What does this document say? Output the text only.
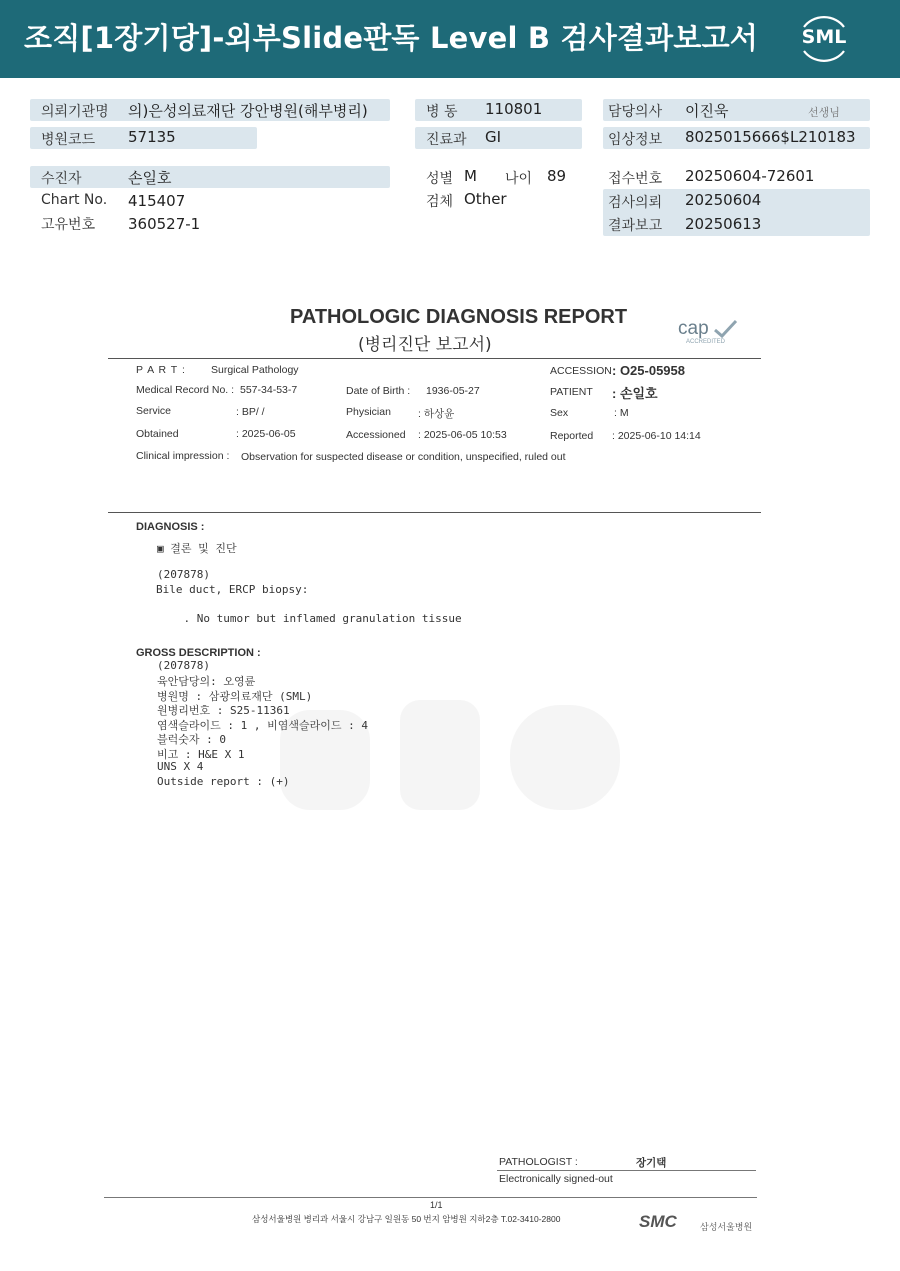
조직[1장기당]-외부Slide판독 Level B 검사결과보고서 SML
의뢰기관명 의)은성의료재단 강안병원(해부병리)
병원코드 57135
병 동 110801
진료과 GI
담당의사 이진욱	선생님
임상정보 8025015666$L210183
수진자	손일호
Chart No. 415407
고유번호 360527-1
성별 M 나이 89
검체 Other
접수번호 20250604-72601
검사의뢰 20250604
결과보고 20250613
PATHOLOGIC DIAGNOSIS REPORT
(병리진단 보고서)
cap
ACCREDITED
P A R T : Surgical Pathology	ACCESSION : O25-05958
Medical Record No. : 557-34-53-7	Date of Birth : 1936-05-27	PATIENT : 손일호
Service	: BP/ /	Physician	: 하상윤	Sex	: M
Obtained	: 2025-06-05	Accessioned : 2025-06-05 10:53	Reported : 2025-06-10 14:14
Clinical impression : Observation for suspected disease or condition, unspecified, ruled out
DIAGNOSIS :
▣ 결론 및 진단
(207878)
Bile duct, ERCP biopsy:
. No tumor but inflamed granulation tissue
GROSS DESCRIPTION :
(207878)
육안담당의: 오영륜
병원명 : 삼광의료재단 (SML)
원병리번호 : S25-11361
염색슬라이드 : 1 , 비염색슬라이드 : 4
블럭숫자 : 0
비고 : H&E X 1
UNS X 4
Outside report : (+)
PATHOLOGIST :	장기택
Electronically signed-out
1/1
삼성서울병원 병리과 서울시 강남구 일원동 50 번지 암병원 지하2층 T.02-3410-2800	SMC	삼성서울병원
